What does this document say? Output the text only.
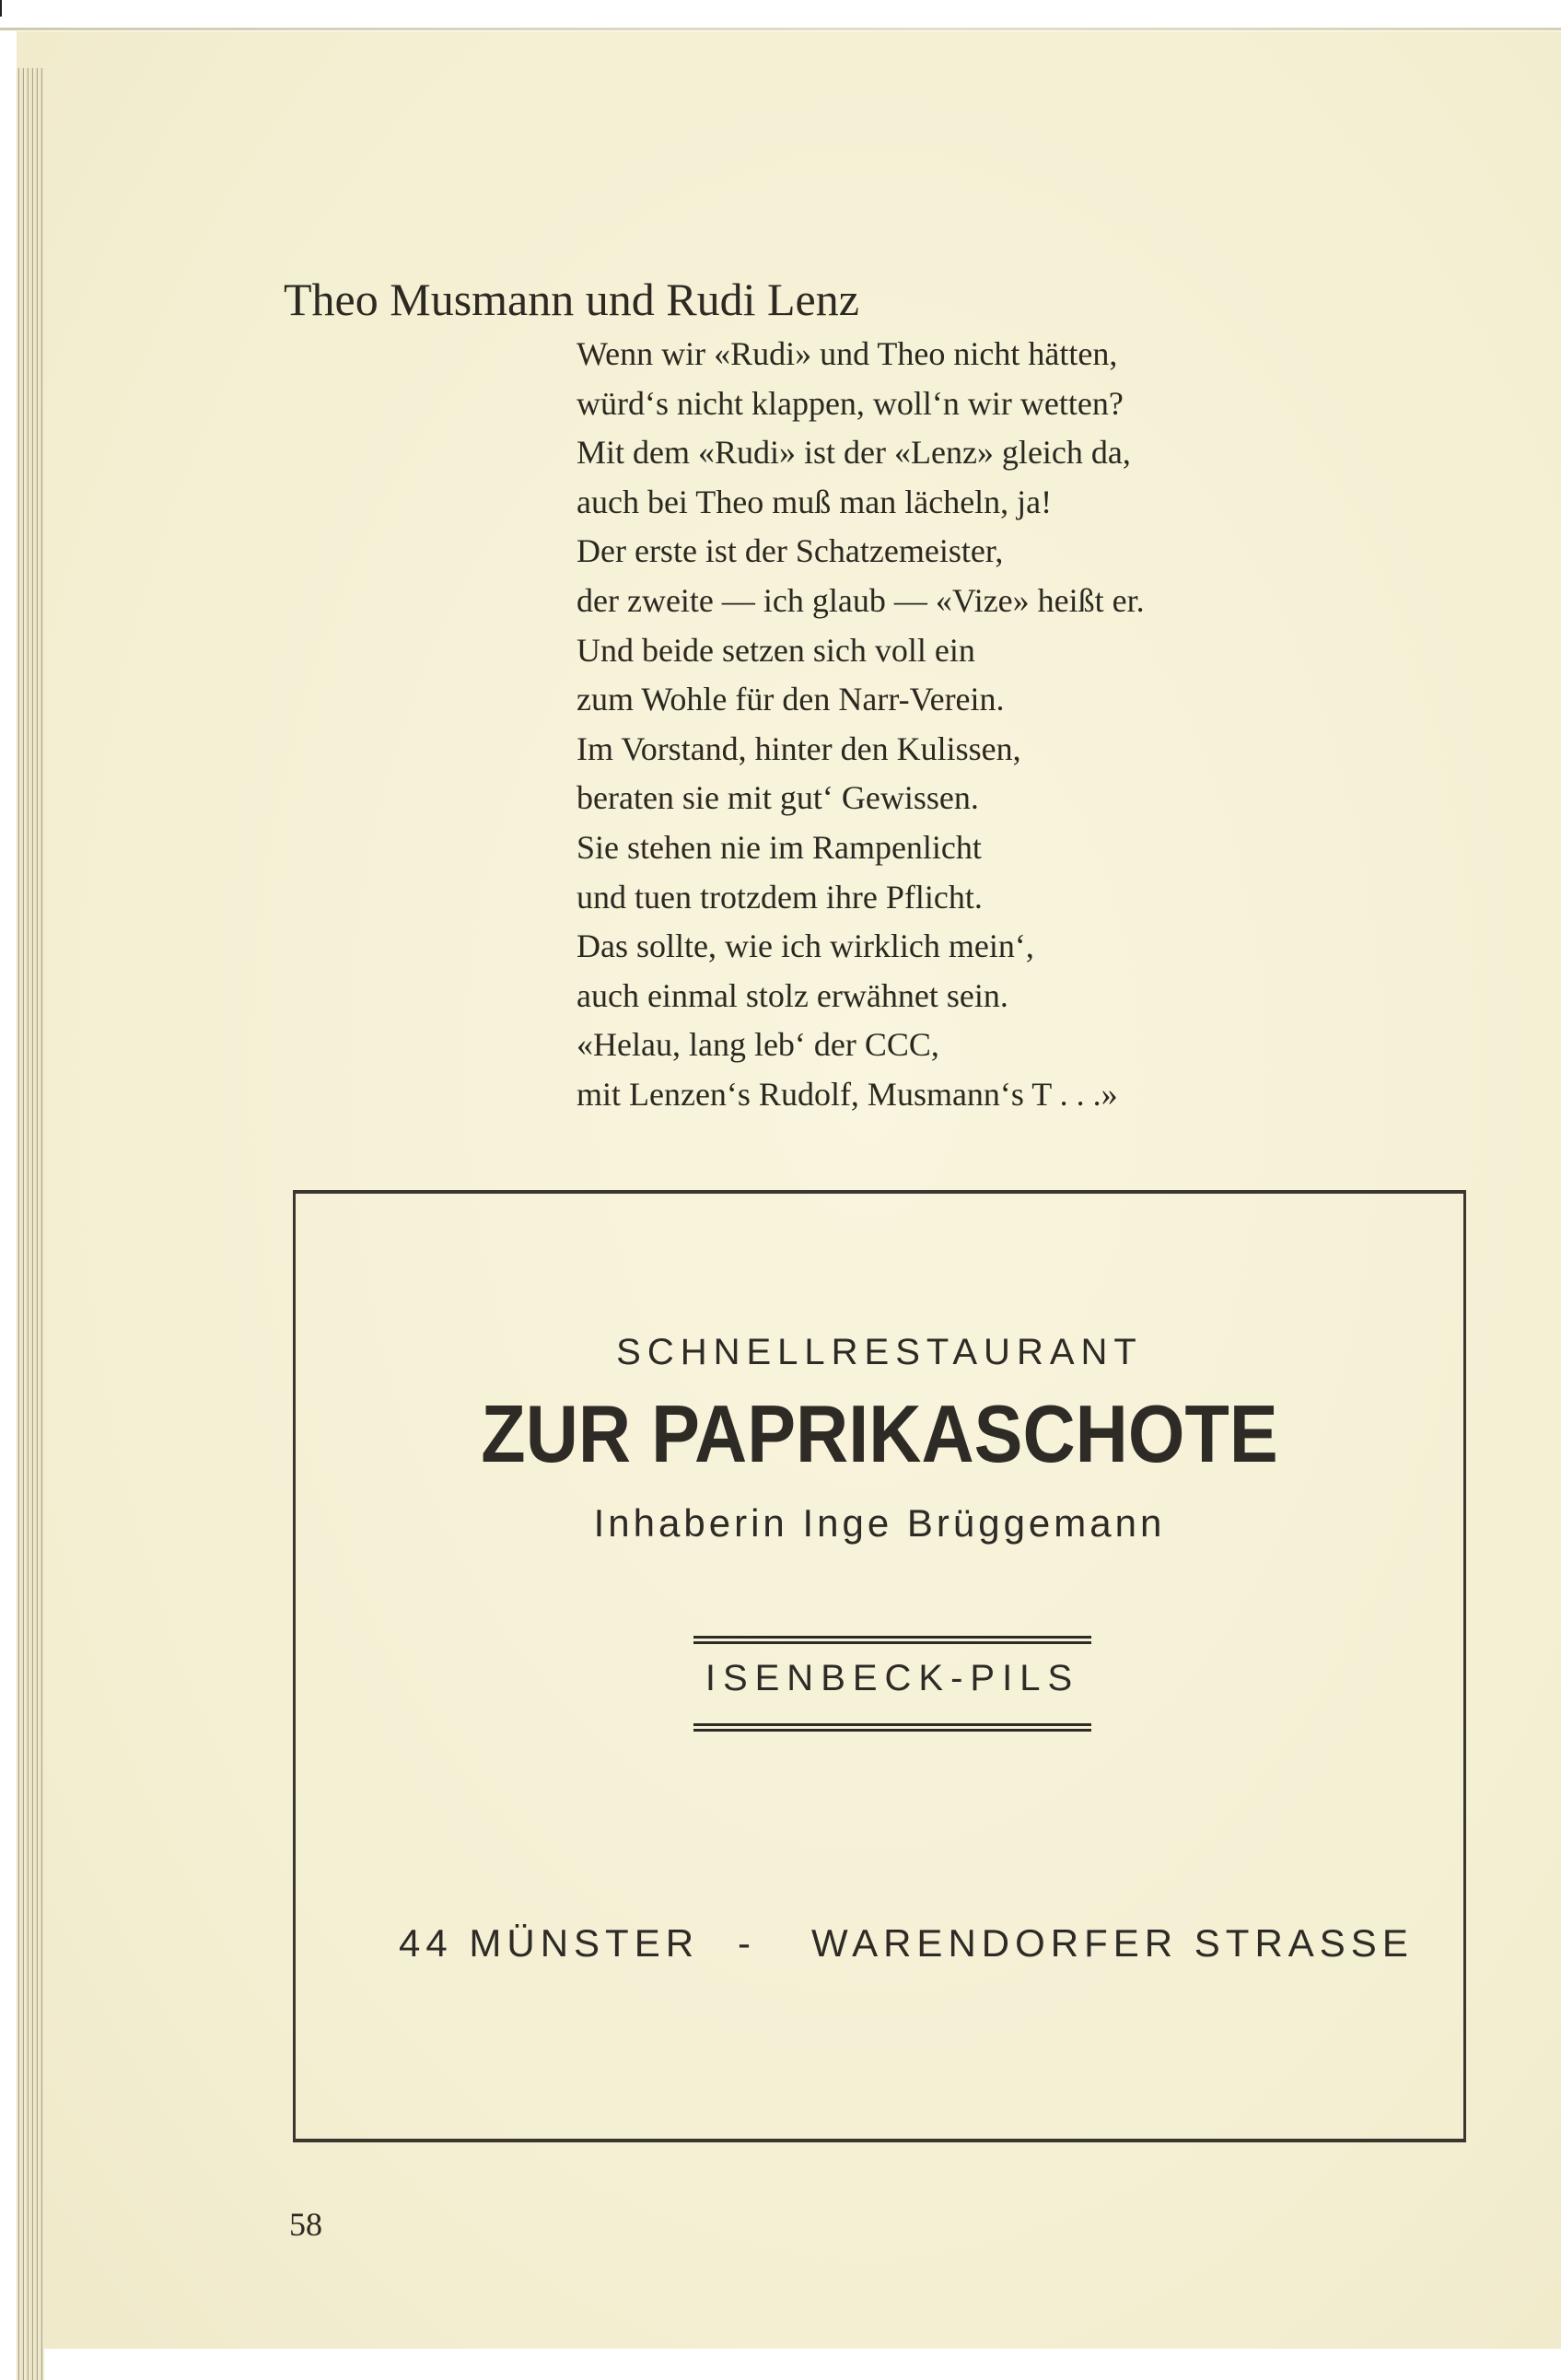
Theo Musmann und Rudi Lenz
Wenn wir «Rudi» und Theo nicht hätten,
würd‘s nicht klappen, woll‘n wir wetten?
Mit dem «Rudi» ist der «Lenz» gleich da,
auch bei Theo muß man lächeln, ja!
Der erste ist der Schatzemeister,
der zweite — ich glaub — «Vize» heißt er.
Und beide setzen sich voll ein
zum Wohle für den Narr-Verein.
Im Vorstand, hinter den Kulissen,
beraten sie mit gut‘ Gewissen.
Sie stehen nie im Rampenlicht
und tuen trotzdem ihre Pflicht.
Das sollte, wie ich wirklich mein‘,
auch einmal stolz erwähnet sein.
«Helau, lang leb‘ der CCC,
mit Lenzen‘s Rudolf, Musmann‘s T . . .»

SCHNELLRESTAURANT

ZUR PAPRIKASCHOTE

Inhaberin Inge Brüggemann

ISENBECK-PILS

44 MÜNSTER - WARENDORFER STRASSE

58
